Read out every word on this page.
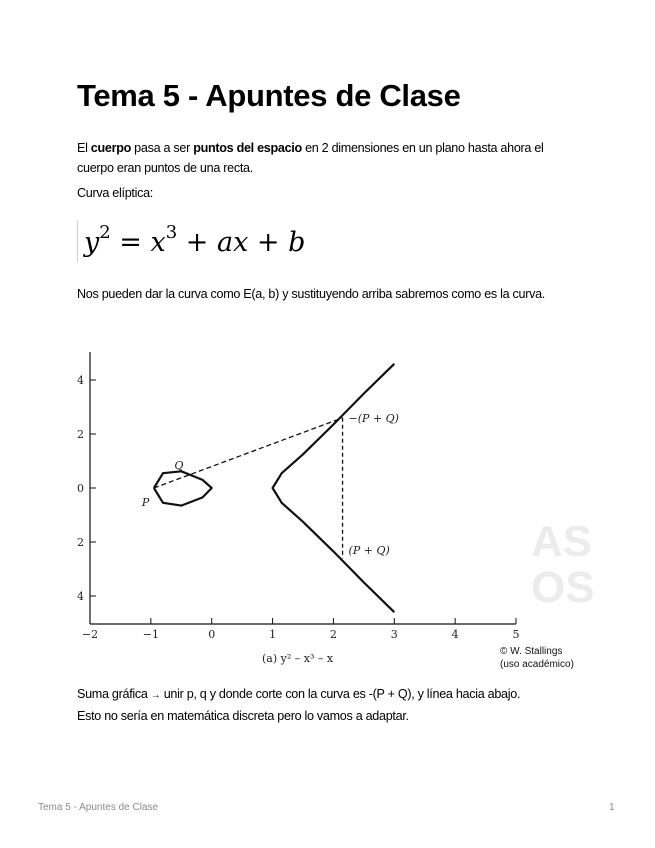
Tema 5 - Apuntes de Clase

El cuerpo pasa a ser puntos del espacio en 2 dimensiones en un plano hasta ahora el cuerpo eran puntos de una recta.

Curva elíptica:

$y^2 = x^3$ + ax + b

Nos pueden dar la curva como E(a, b) y sustituyendo arriba sabremos como es la curva.

AS
OS
−2	−1	0	1	2	3	4	5
4
2
0
2
4
P
Q
−(P + Q)
(P + Q)
(a) y² – x³ – x
© W. Stallings
(uso académico)

Suma gráfica → unir p, q y donde corte con la curva es -(P + Q), y línea hacia abajo.
Esto no sería en matemática discreta pero lo vamos a adaptar.

Tema 5 - Apuntes de Clase	1
